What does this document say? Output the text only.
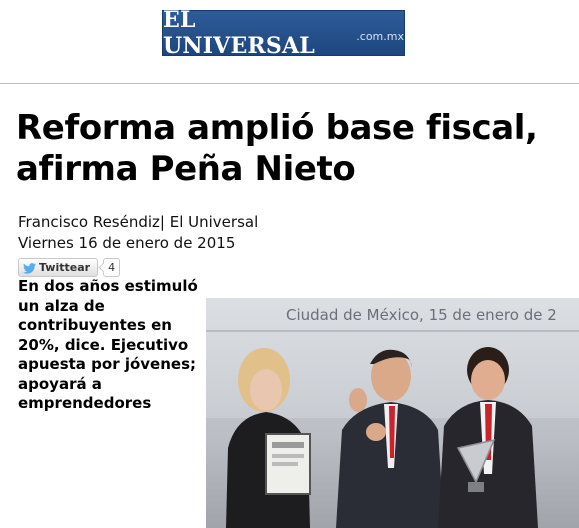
EL UNIVERSAL	.com.mx
Reforma amplió base fiscal, afirma Peña Nieto
Francisco Reséndiz| El Universal
Viernes 16 de enero de 2015
Twittear	4

En dos años estimuló un alza de contribuyentes en 20%, dice. Ejecutivo apuesta por jóvenes; apoyará a emprendedores

Ciudad de México, 15 de enero de 2
